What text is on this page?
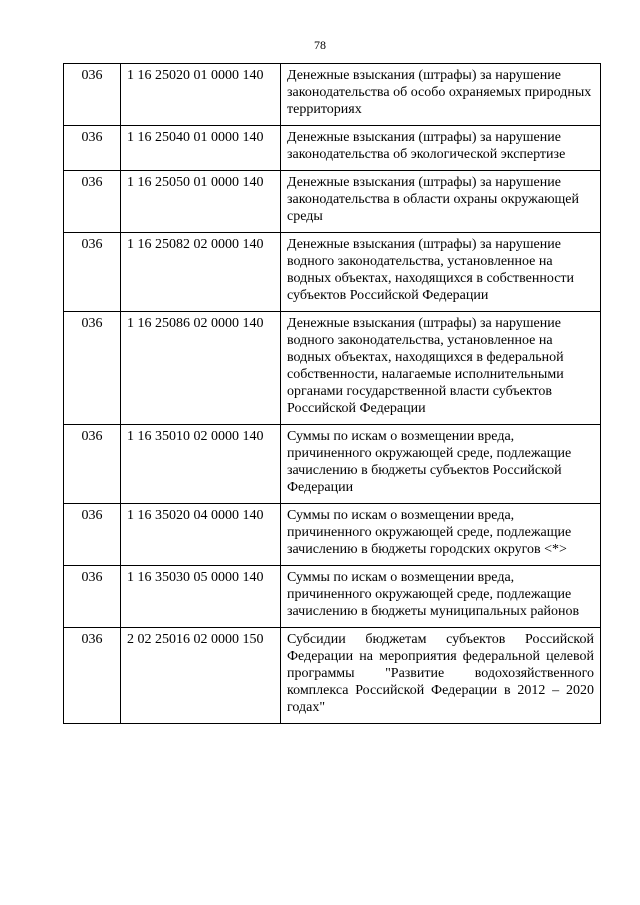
78
036	1 16 25020 01 0000 140	Денежные взыскания (штрафы) за нарушение законодательства об особо охраняемых природных территориях
036	1 16 25040 01 0000 140	Денежные взыскания (штрафы) за нарушение законодательства об экологической экспертизе
036	1 16 25050 01 0000 140	Денежные взыскания (штрафы) за нарушение законодательства в области охраны окружающей среды
036	1 16 25082 02 0000 140	Денежные взыскания (штрафы) за нарушение водного законодательства, установленное на водных объектах, находящихся в собственности субъектов Российской Федерации
036	1 16 25086 02 0000 140	Денежные взыскания (штрафы) за нарушение водного законодательства, установленное на водных объектах, находящихся в федеральной собственности, налагаемые исполнительными органами государственной власти субъектов Российской Федерации
036	1 16 35010 02 0000 140	Суммы по искам о возмещении вреда, причиненного окружающей среде, подлежащие зачислению в бюджеты субъектов Российской Федерации
036	1 16 35020 04 0000 140	Суммы по искам о возмещении вреда, причиненного окружающей среде, подлежащие зачислению в бюджеты городских округов <*>
036	1 16 35030 05 0000 140	Суммы по искам о возмещении вреда, причиненного окружающей среде, подлежащие зачислению в бюджеты муниципальных районов
036	2 02 25016 02 0000 150	Субсидии бюджетам субъектов Российской Федерации на мероприятия федеральной целевой программы "Развитие водохозяйственного комплекса Российской Федерации в 2012 – 2020 годах"
